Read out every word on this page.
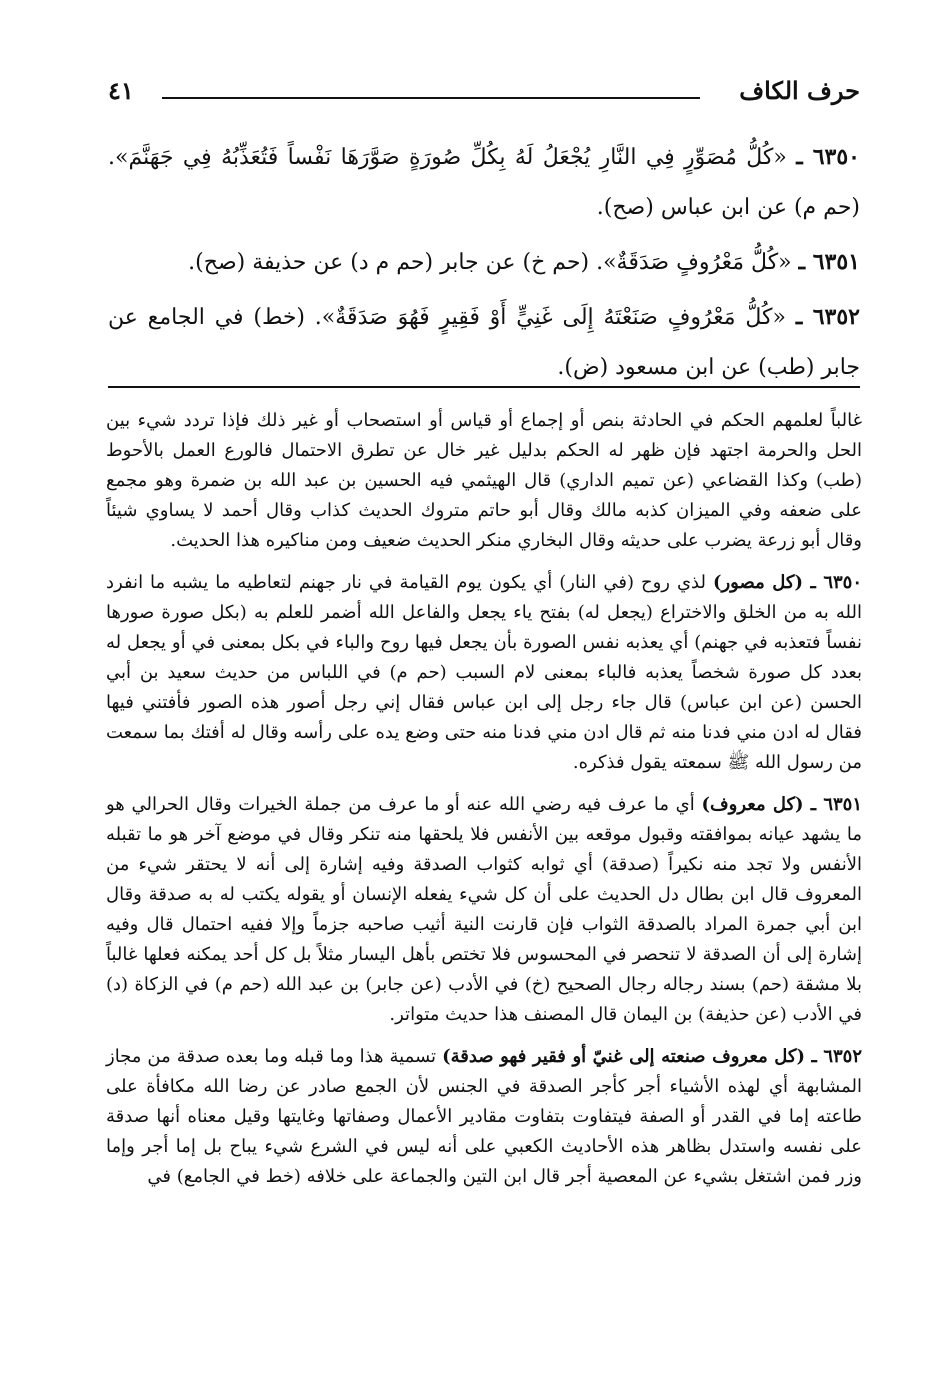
حرف الكاف
٤١

٦٣٥٠ ـ «كُلُّ مُصَوِّرٍ فِي النَّارِ يُجْعَلُ لَهُ بِكُلِّ صُورَةٍ صَوَّرَهَا نَفْساً فَتُعَذِّبُهُ فِي جَهَنَّمَ». (حم م) عن ابن عباس (صح).

٦٣٥١ ـ «كُلُّ مَعْرُوفٍ صَدَقَةٌ». (حم خ) عن جابر (حم م د) عن حذيفة (صح).

٦٣٥٢ ـ «كُلُّ مَعْرُوفٍ صَنَعْتَهُ إِلَى غَنِيٍّ أَوْ فَقِيرٍ فَهُوَ صَدَقَةٌ». (خط) في الجامع عن جابر (طب) عن ابن مسعود (ض).

غالباً لعلمهم الحكم في الحادثة بنص أو إجماع أو قياس أو استصحاب أو غير ذلك فإذا تردد شيء بين الحل والحرمة اجتهد فإن ظهر له الحكم بدليل غير خال عن تطرق الاحتمال فالورع العمل بالأحوط (طب) وكذا القضاعي (عن تميم الداري) قال الهيثمي فيه الحسين بن عبد الله بن ضمرة وهو مجمع على ضعفه وفي الميزان كذبه مالك وقال أبو حاتم متروك الحديث كذاب وقال أحمد لا يساوي شيئاً وقال أبو زرعة يضرب على حديثه وقال البخاري منكر الحديث ضعيف ومن مناكيره هذا الحديث.

٦٣٥٠ ـ (كل مصور) لذي روح (في النار) أي يكون يوم القيامة في نار جهنم لتعاطيه ما يشبه ما انفرد الله به من الخلق والاختراع (يجعل له) بفتح ياء يجعل والفاعل الله أضمر للعلم به (بكل صورة صورها نفساً فتعذبه في جهنم) أي يعذبه نفس الصورة بأن يجعل فيها روح والباء في بكل بمعنى في أو يجعل له بعدد كل صورة شخصاً يعذبه فالباء بمعنى لام السبب (حم م) في اللباس من حديث سعيد بن أبي الحسن (عن ابن عباس) قال جاء رجل إلى ابن عباس فقال إني رجل أصور هذه الصور فأفتني فيها فقال له ادن مني فدنا منه ثم قال ادن مني فدنا منه حتى وضع يده على رأسه وقال له أفتك بما سمعت من رسول الله ﷺ سمعته يقول فذكره.

٦٣٥١ ـ (كل معروف) أي ما عرف فيه رضي الله عنه أو ما عرف من جملة الخيرات وقال الحرالي هو ما يشهد عيانه بموافقته وقبول موقعه بين الأنفس فلا يلحقها منه تنكر وقال في موضع آخر هو ما تقبله الأنفس ولا تجد منه نكيراً (صدقة) أي ثوابه كثواب الصدقة وفيه إشارة إلى أنه لا يحتقر شيء من المعروف قال ابن بطال دل الحديث على أن كل شيء يفعله الإنسان أو يقوله يكتب له به صدقة وقال ابن أبي جمرة المراد بالصدقة الثواب فإن قارنت النية أثيب صاحبه جزماً وإلا ففيه احتمال قال وفيه إشارة إلى أن الصدقة لا تنحصر في المحسوس فلا تختص بأهل اليسار مثلاً بل كل أحد يمكنه فعلها غالباً بلا مشقة (حم) بسند رجاله رجال الصحيح (خ) في الأدب (عن جابر) بن عبد الله (حم م) في الزكاة (د) في الأدب (عن حذيفة) بن اليمان قال المصنف هذا حديث متواتر.

٦٣٥٢ ـ (كل معروف صنعته إلى غنيّ أو فقير فهو صدقة) تسمية هذا وما قبله وما بعده صدقة من مجاز المشابهة أي لهذه الأشياء أجر كأجر الصدقة في الجنس لأن الجمع صادر عن رضا الله مكافأة على طاعته إما في القدر أو الصفة فيتفاوت بتفاوت مقادير الأعمال وصفاتها وغايتها وقيل معناه أنها صدقة على نفسه واستدل بظاهر هذه الأحاديث الكعبي على أنه ليس في الشرع شيء يباح بل إما أجر وإما وزر فمن اشتغل بشيء عن المعصية أجر قال ابن التين والجماعة على خلافه (خط في الجامع) في
